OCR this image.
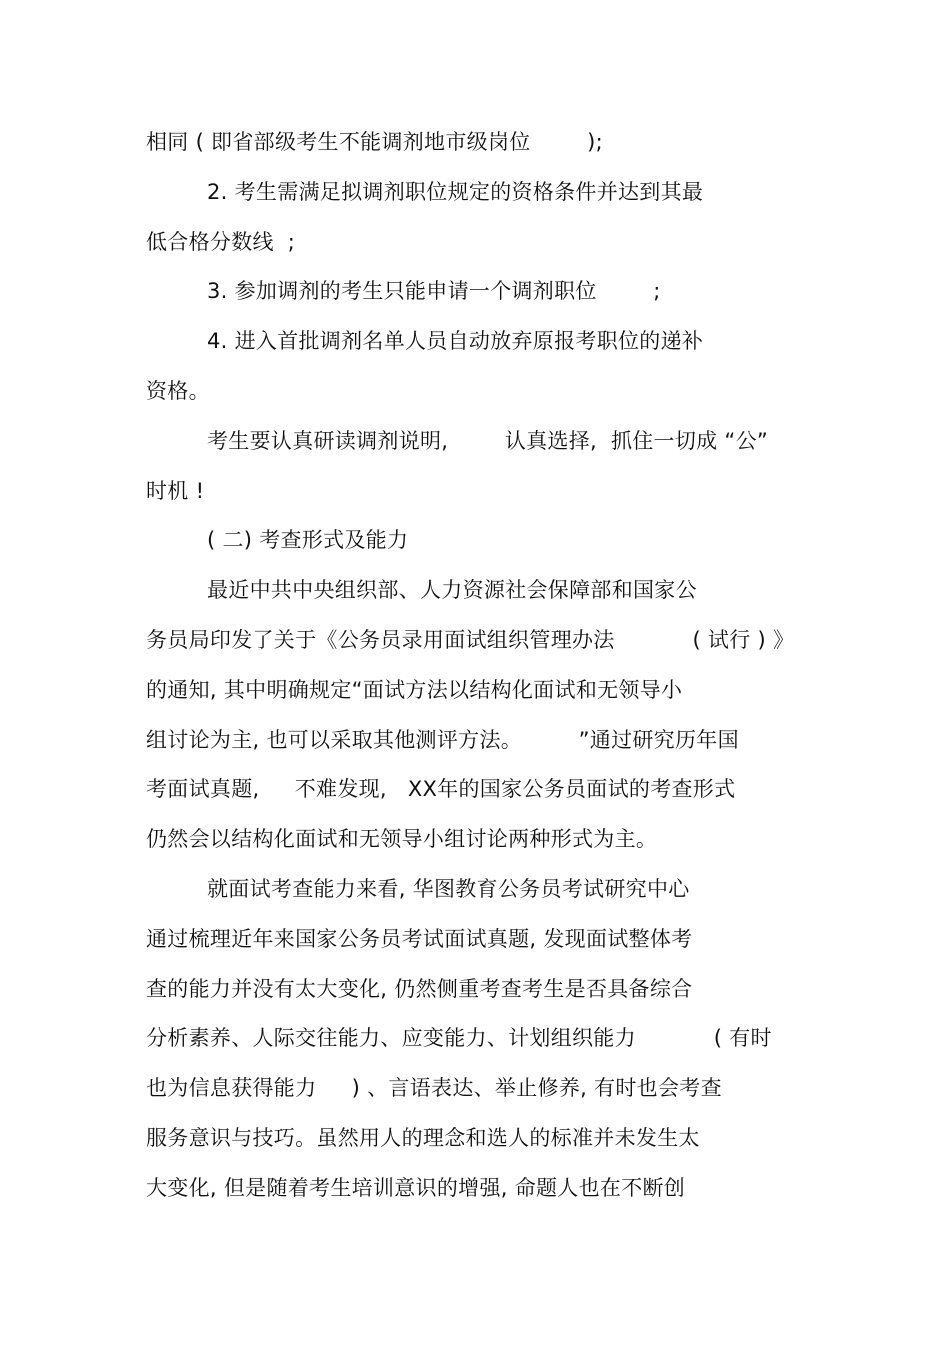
相同 ( 即省部级考生不能调剂地市级岗位 　　 );
2. 考生需满足拟调剂职位规定的资格条件并达到其最
低合格分数线  ;
3. 参加调剂的考生只能申请一个调剂职位 　　 ;
4. 进入首批调剂名单人员自动放弃原报考职位的递补
资格。
考生要认真研读调剂说明, 　　 认真选择,  抓住一切成 “公”
时机 !
( 二) 考查形式及能力
最近中共中央组织部、人力资源社会保障部和国家公
务员局印发了关于《公务员录用面试组织管理办法 　　　 ( 试行 ) 》
的通知, 其中明确规定“面试方法以结构化面试和无领导小
组讨论为主, 也可以采取其他测评方法。 　　 ”通过研究历年国
考面试真题, 　 不难发现,   XX年的国家公务员面试的考查形式
仍然会以结构化面试和无领导小组讨论两种形式为主。
就面试考查能力来看, 华图教育公务员考试研究中心
通过梳理近年来国家公务员考试面试真题, 发现面试整体考
查的能力并没有太大变化, 仍然侧重考查考生是否具备综合
分析素养、人际交往能力、应变能力、计划组织能力 　　　 ( 有时
也为信息获得能力 　 ) 、言语表达、举止修养, 有时也会考查
服务意识与技巧。虽然用人的理念和选人的标准并未发生太
大变化, 但是随着考生培训意识的增强, 命题人也在不断创
